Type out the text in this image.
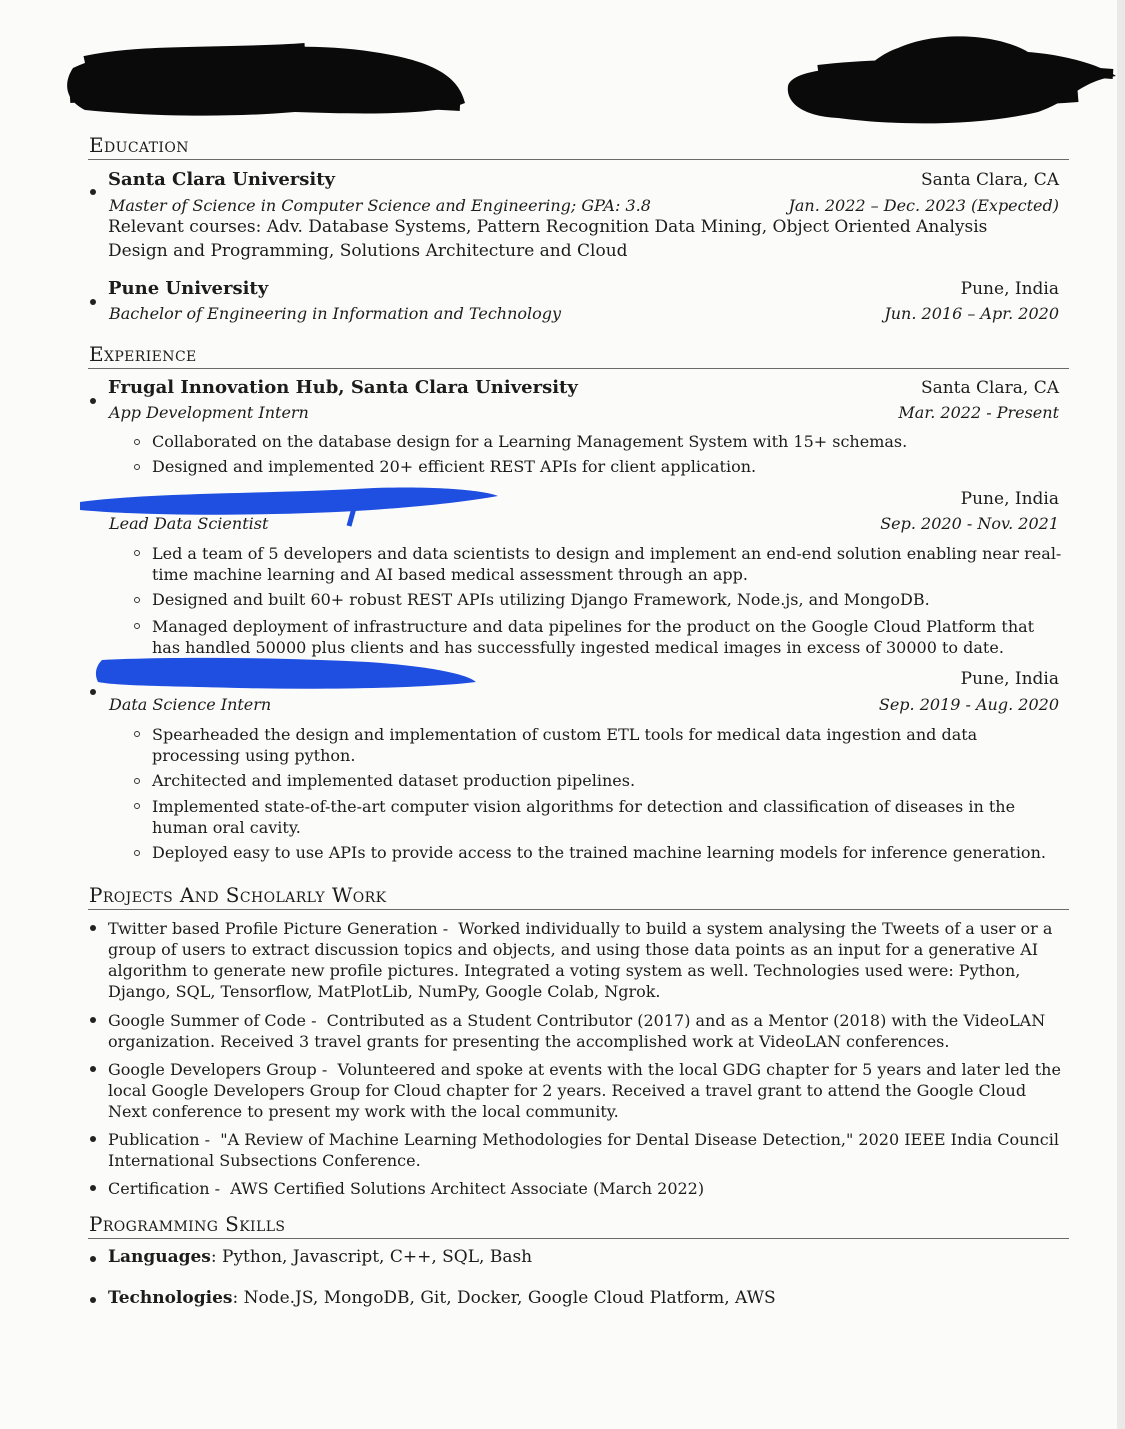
Education
Santa Clara University	Santa Clara, CA
Master of Science in Computer Science and Engineering; GPA: 3.8	Jan. 2022 – Dec. 2023 (Expected)
Relevant courses: Adv. Database Systems, Pattern Recognition Data Mining, Object Oriented Analysis
Design and Programming, Solutions Architecture and Cloud
Pune University	Pune, India
Bachelor of Engineering in Information and Technology	Jun. 2016 – Apr. 2020
Experience
Frugal Innovation Hub, Santa Clara University	Santa Clara, CA
App Development Intern	Mar. 2022 - Present
Collaborated on the database design for a Learning Management System with 15+ schemas.
Designed and implemented 20+ efficient REST APIs for client application.
Pune, India
Lead Data Scientist	Sep. 2020 - Nov. 2021
Led a team of 5 developers and data scientists to design and implement an end-end solution enabling near real-time machine learning and AI based medical assessment through an app.
Designed and built 60+ robust REST APIs utilizing Django Framework, Node.js, and MongoDB.
Managed deployment of infrastructure and data pipelines for the product on the Google Cloud Platform that has handled 50000 plus clients and has successfully ingested medical images in excess of 30000 to date.
Pune, India
Data Science Intern	Sep. 2019 - Aug. 2020
Spearheaded the design and implementation of custom ETL tools for medical data ingestion and data processing using python.
Architected and implemented dataset production pipelines.
Implemented state-of-the-art computer vision algorithms for detection and classification of diseases in the human oral cavity.
Deployed easy to use APIs to provide access to the trained machine learning models for inference generation.
Projects And Scholarly Work
Twitter based Profile Picture Generation - Worked individually to build a system analysing the Tweets of a user or a group of users to extract discussion topics and objects, and using those data points as an input for a generative AI algorithm to generate new profile pictures. Integrated a voting system as well. Technologies used were: Python, Django, SQL, Tensorflow, MatPlotLib, NumPy, Google Colab, Ngrok.
Google Summer of Code - Contributed as a Student Contributor (2017) and as a Mentor (2018) with the VideoLAN organization. Received 3 travel grants for presenting the accomplished work at VideoLAN conferences.
Google Developers Group - Volunteered and spoke at events with the local GDG chapter for 5 years and later led the local Google Developers Group for Cloud chapter for 2 years. Received a travel grant to attend the Google Cloud Next conference to present my work with the local community.
Publication - "A Review of Machine Learning Methodologies for Dental Disease Detection," 2020 IEEE India Council International Subsections Conference.
Certification - AWS Certified Solutions Architect Associate (March 2022)
Programming Skills
Languages: Python, Javascript, C++, SQL, Bash
Technologies: Node.JS, MongoDB, Git, Docker, Google Cloud Platform, AWS
